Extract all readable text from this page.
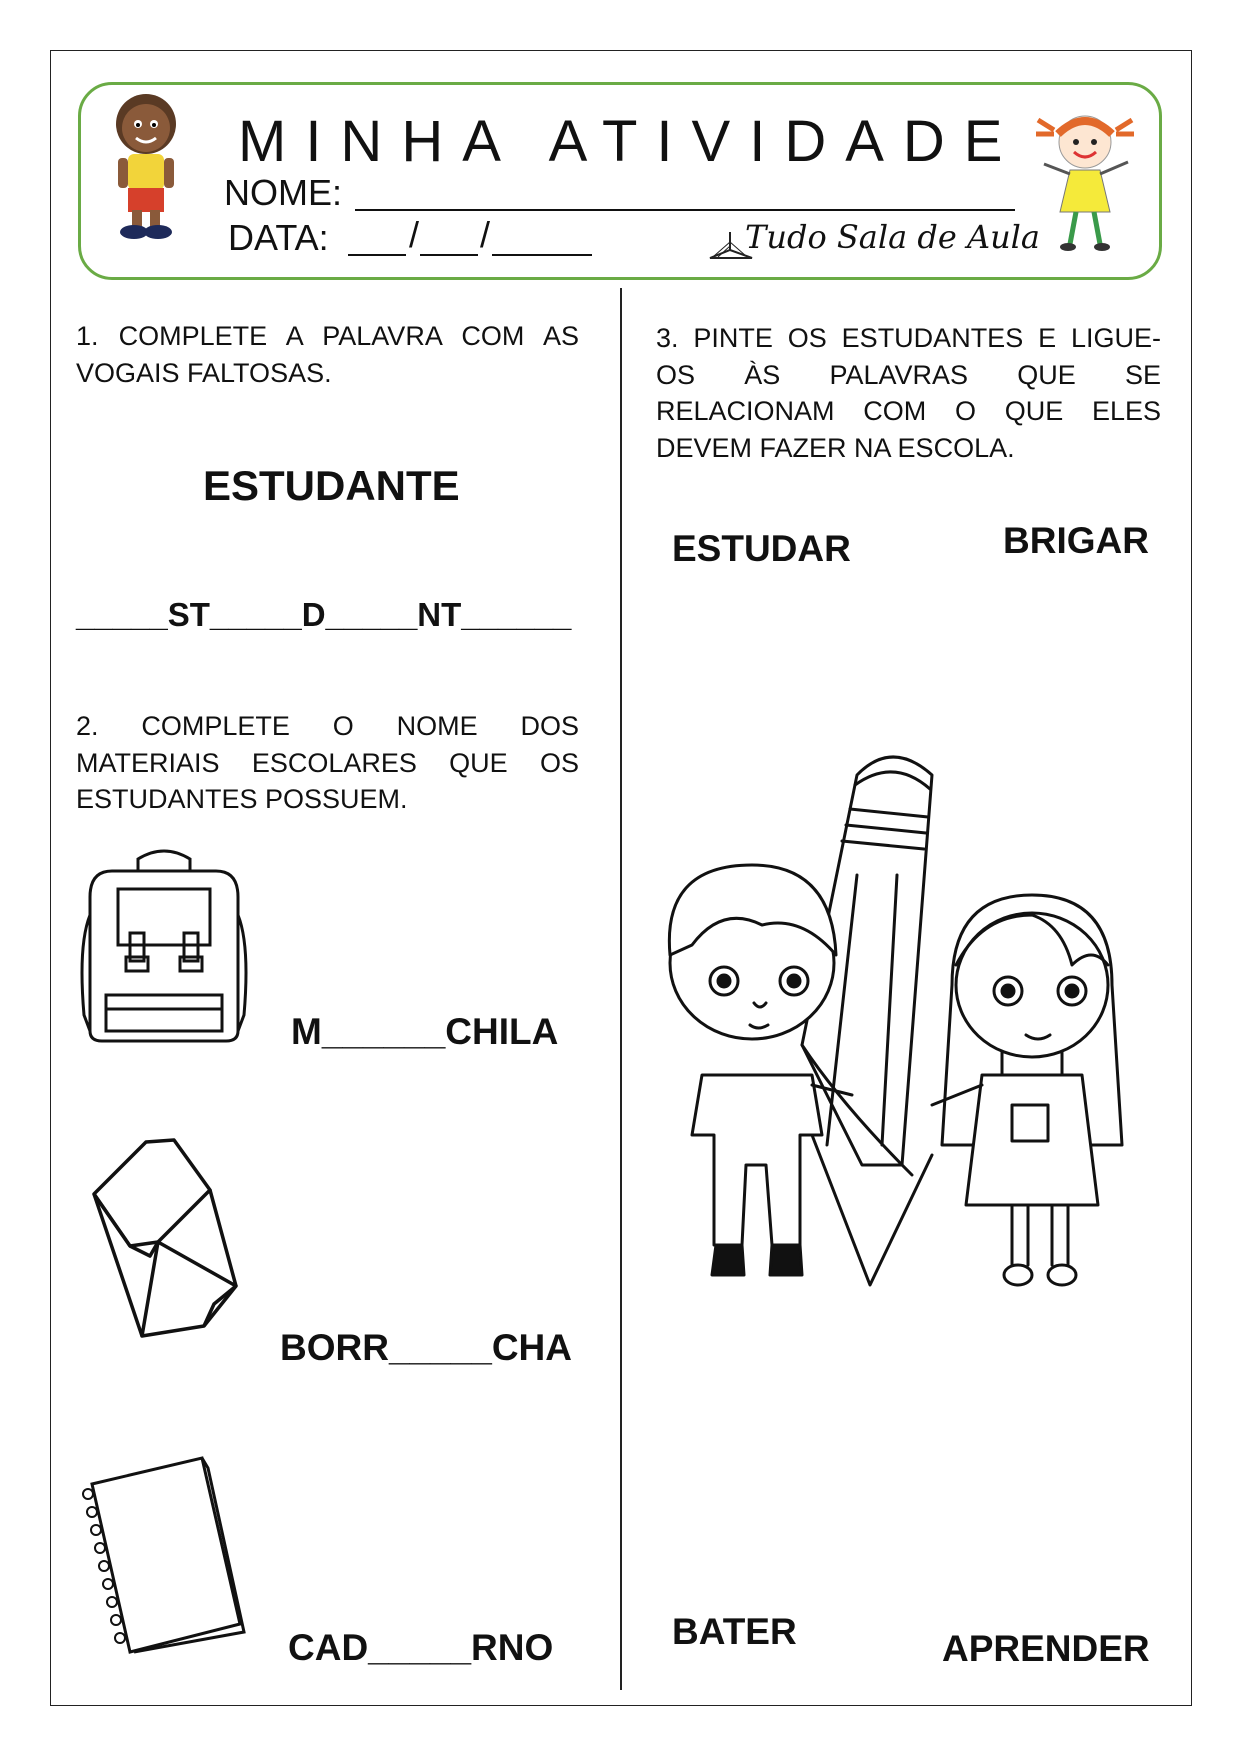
MINHA ATIVIDADE
NOME:
DATA: / /	Tudo Sala de Aula
1. COMPLETE A PALAVRA COM AS VOGAIS FALTOSAS.
ESTUDANTE
_____ST_____D_____NT______
2. COMPLETE O NOME DOS MATERIAIS ESCOLARES QUE OS ESTUDANTES POSSUEM.
M______CHILA
BORR_____CHA
CAD_____RNO
3. PINTE OS ESTUDANTES E LIGUE-OS ÀS PALAVRAS QUE SE RELACIONAM COM O QUE ELES DEVEM FAZER NA ESCOLA.
ESTUDAR	BRIGAR
BATER	APRENDER
